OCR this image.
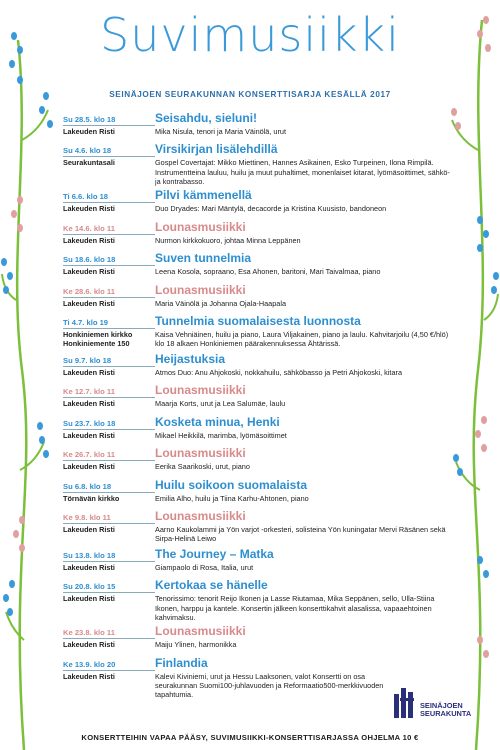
Suvimusiikki
SEINÄJOEN SEURAKUNNAN KONSERTTISARJA KESÄLLÄ 2017
Su 28.5. klo 18
Lakeuden Risti
Seisahdu, sieluni!
Mika Nisula, tenori ja Maria Väinölä, urut
Su 4.6. klo 18
Seurakuntasali
Virsikirjan lisälehdillä
Gospel Covertajat: Mikko Miettinen, Hannes Asikainen, Esko Turpeinen, Ilona Rimpilä. Instrumentteina lauluu, huilu ja muut puhaltimet, monenlaiset kitarat, lyömäsoittimet, sähkö- ja kontrabasso.
Ti 6.6. klo 18
Lakeuden Risti
Pilvi kämmenellä
Duo Dryades: Mari Mäntylä, decacorde ja Kristina Kuusisto, bandoneon
Ke 14.6. klo 11
Lakeuden Risti
Lounasmusiikki
Nurmon kirkkokuoro, johtaa Minna Leppänen
Su 18.6. klo 18
Lakeuden Risti
Suven tunnelmia
Leena Kosola, sopraano, Esa Ahonen, baritoni, Mari Taivalmaa, piano
Ke 28.6. klo 11
Lakeuden Risti
Lounasmusiikki
Maria Väinölä ja Johanna Ojala-Haapala
Ti 4.7. klo 19
Honkiniemen kirkko Honkiniemente 150
Tunnelmia suomalaisesta luonnosta
Kaisa Vehniäinen, huilu ja piano, Laura Viljakainen, piano ja laulu. Kahvitarjoilu (4,50 €/hlö) klo 18 alkaen Honkiniemen päärakennuksessa Ähtärissä.
Su 9.7. klo 18
Lakeuden Risti
Heijastuksia
Atmos Duo: Anu Ahjokoski, nokkahuilu, sähköbasso ja Petri Ahjokoski, kitara
Ke 12.7. klo 11
Lakeuden Risti
Lounasmusiikki
Maarja Korts, urut ja Lea Salumäe, laulu
Su 23.7. klo 18
Lakeuden Risti
Kosketa minua, Henki
Mikael Heikkilä, marimba, lyömäsoittimet
Ke 26.7. klo 11
Lakeuden Risti
Lounasmusiikki
Eerika Saarikoski, urut, piano
Su 6.8. klo 18
Törnävän kirkko
Huilu soikoon suomalaista
Emilia Alho, huilu ja Tiina Karhu-Ahtonen, piano
Ke 9.8. klo 11
Lakeuden Risti
Lounasmusiikki
Aarno Kaukolammi ja Yön varjot -orkesteri, solisteina Yön kuningatar Mervi Räsänen sekä Sirpa-Helinä Leiwo
Su 13.8. klo 18
Lakeuden Risti
The Journey – Matka
Giampaolo di Rosa, Italia, urut
Su 20.8. klo 15
Lakeuden Risti
Kertokaa se hänelle
Tenorissimo: tenorit Reijo Ikonen ja Lasse Riutamaa, Mika Seppänen, sello, Ulla-Stiina Ikonen, harppu ja kantele. Konsertin jälkeen konserttikahvit alasalissa, vapaaehtoinen kahvimaksu.
Ke 23.8. klo 11
Lakeuden Risti
Lounasmusiikki
Maiju Ylinen, harmonikka
Ke 13.9. klo 20
Lakeuden Risti
Finlandia
Kalevi Kiviniemi, urut ja Hessu Laaksonen, valot Konsertti on osa seurakunnan Suomi100-juhlavuoden ja Reformaatio500-merkkivuoden tapahtumia.
SEINÄJOEN
SEURAKUNTA
KONSERTTEIHIN VAPAA PÄÄSY, SUVIMUSIIKKI-KONSERTTISARJASSA OHJELMA 10 €
